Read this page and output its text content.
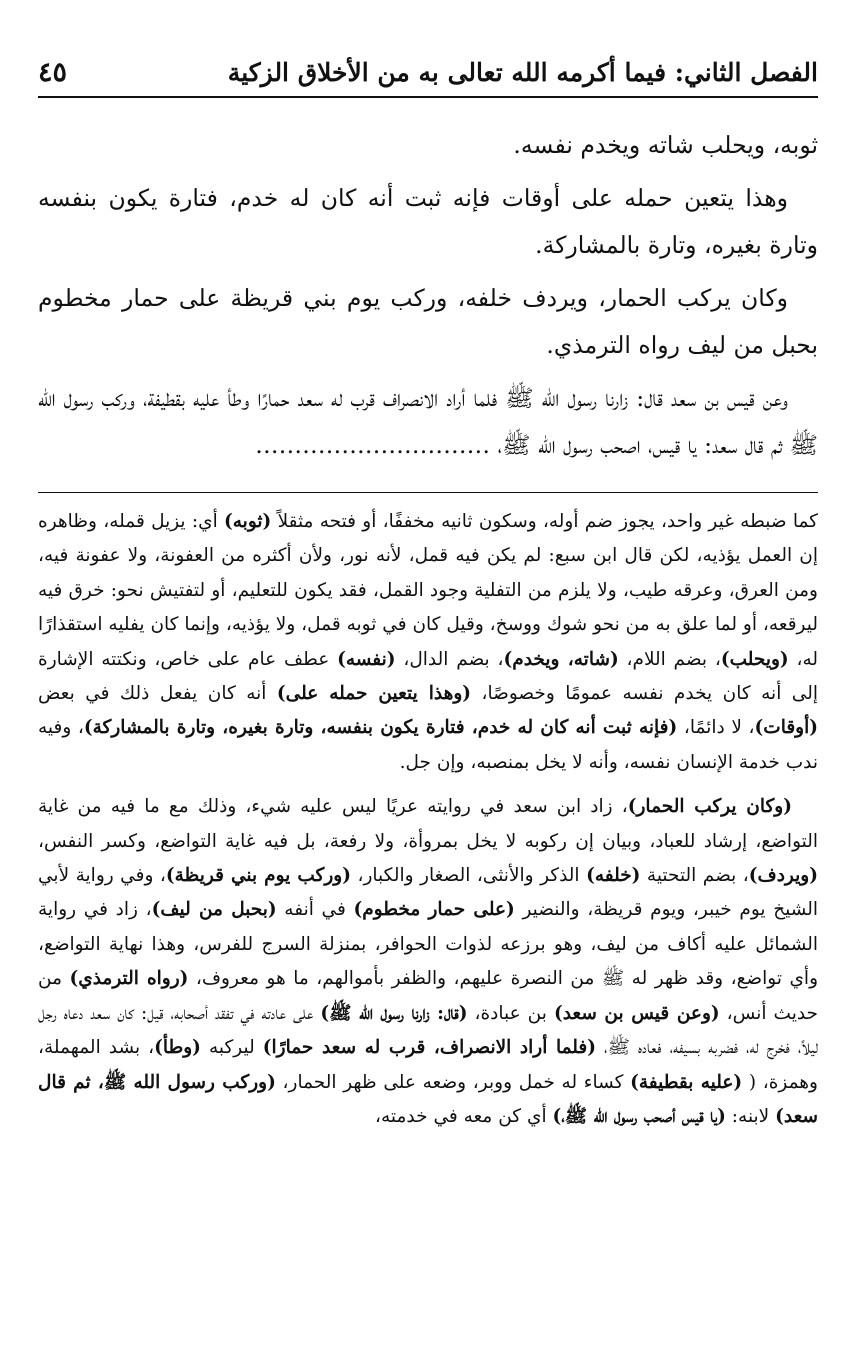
الفصل الثاني: فيما أكرمه الله تعالى به من الأخلاق الزكية
٤٥

ثوبه، ويحلب شاته ويخدم نفسه.

وهذا يتعين حمله على أوقات فإنه ثبت أنه كان له خدم، فتارة يكون بنفسه وتارة بغيره، وتارة بالمشاركة.

وكان يركب الحمار، ويردف خلفه، وركب يوم بني قريظة على حمار مخطوم بحبل من ليف رواه الترمذي.

وعن قيس بن سعد قال: زارنا رسول الله ﷺ فلما أراد الانصراف قرب له سعد حمارًا وطأ عليه بقطيفة، وركب رسول الله ﷺ ثم قال سعد: يا قيس، اصحب رسول الله ﷺ، …………………………

كما ضبطه غير واحد، يجوز ضم أوله، وسكون ثانيه مخففًا، أو فتحه مثقلاً (ثوبه) أي: يزيل قمله، وظاهره إن العمل يؤذيه، لكن قال ابن سبع: لم يكن فيه قمل، لأنه نور، ولأن أكثره من العفونة، ولا عفونة فيه، ومن العرق، وعرقه طيب، ولا يلزم من التفلية وجود القمل، فقد يكون للتعليم، أو لتفتيش نحو: خرق فيه ليرقعه، أو لما علق به من نحو شوك ووسخ، وقيل كان في ثوبه قمل، ولا يؤذيه، وإنما كان يفليه استقذارًا له، (ويحلب)، بضم اللام، (شاته، ويخدم)، بضم الدال، (نفسه) عطف عام على خاص، ونكتته الإشارة إلى أنه كان يخدم نفسه عمومًا وخصوصًا، (وهذا يتعين حمله على) أنه كان يفعل ذلك في بعض (أوقات)، لا دائمًا، (فإنه ثبت أنه كان له خدم، فتارة يكون بنفسه، وتارة بغيره، وتارة بالمشاركة)، وفيه ندب خدمة الإنسان نفسه، وأنه لا يخل بمنصبه، وإن جل.

(وكان يركب الحمار)، زاد ابن سعد في روايته عريًا ليس عليه شيء، وذلك مع ما فيه من غاية التواضع، إرشاد للعباد، وبيان إن ركوبه لا يخل بمروأة، ولا رفعة، بل فيه غاية التواضع، وكسر النفس، (ويردف)، بضم التحتية (خلفه) الذكر والأنثى، الصغار والكبار، (وركب يوم بني قريظة)، وفي رواية لأبي الشيخ يوم خيبر، ويوم قريظة، والنضير (على حمار مخطوم) في أنفه (بحبل من ليف)، زاد في رواية الشمائل عليه أكاف من ليف، وهو برزعه لذوات الحوافر، بمنزلة السرج للفرس، وهذا نهاية التواضع، وأي تواضع، وقد ظهر له ﷺ من النصرة عليهم، والظفر بأموالهم، ما هو معروف، (رواه الترمذي) من حديث أنس، (وعن قيس بن سعد) بن عبادة، (قال: زارنا رسول الله ﷺ) على عادته في تفقد أصحابه، قيل: كان سعد دعاه رجل ليلاً، فخرج له، فضربه بسيفه، فعاده ﷺ، (فلما أراد الانصراف، قرب له سعد حمارًا) ليركبه (وطأ)، بشد المهملة، وهمزة، ( (عليه بقطيفة) كساء له خمل ووبر، وضعه على ظهر الحمار، (وركب رسول الله ﷺ، ثم قال سعد) لابنه: (يا قيس أصحب رسول الله ﷺ،) أي كن معه في خدمته،
